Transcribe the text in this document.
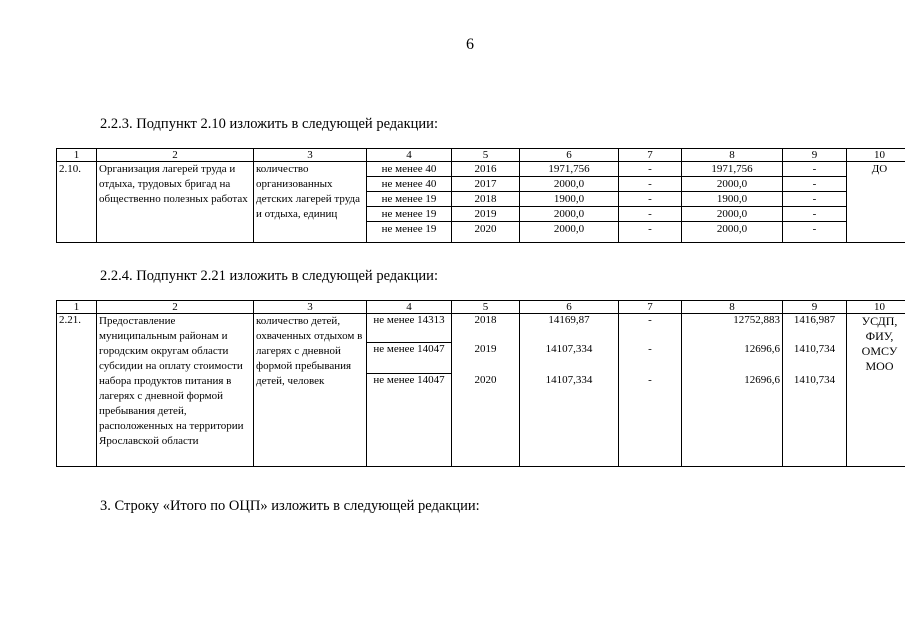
6
2.2.3. Подпункт 2.10 изложить в следующей редакции:
1	2	3	4	5	6	7	8	9	10
2.10.	Организация лагерей труда и отдыха, трудовых бригад на общественно полезных работах	количество организованных детских лагерей труда и отдыха, единиц	не менее 40	2016	1971,756	-	1971,756	-	ДО
			не менее 40	2017	2000,0	-	2000,0	-	
			не менее 19	2018	1900,0	-	1900,0	-	
			не менее 19	2019	2000,0	-	2000,0	-	
			не менее 19	2020	2000,0	-	2000,0	-	
2.2.4. Подпункт 2.21 изложить в следующей редакции:
1	2	3	4	5	6	7	8	9	10
2.21.	Предоставление муниципальным районам и городским округам области субсидии на оплату стоимости набора продуктов питания в лагерях с дневной формой пребывания детей, расположенных на территории Ярославской области	количество детей, охваченных отдыхом в лагерях с дневной формой пребывания детей, человек	не менее 14313	2018	14169,87	-	12752,883	1416,987	УСДП, ФИУ, ОМСУ МОО
			не менее 14047	2019	14107,334	-	12696,6	1410,734	
			не менее 14047	2020	14107,334	-	12696,6	1410,734	
3. Строку «Итого по ОЦП» изложить в следующей редакции:
